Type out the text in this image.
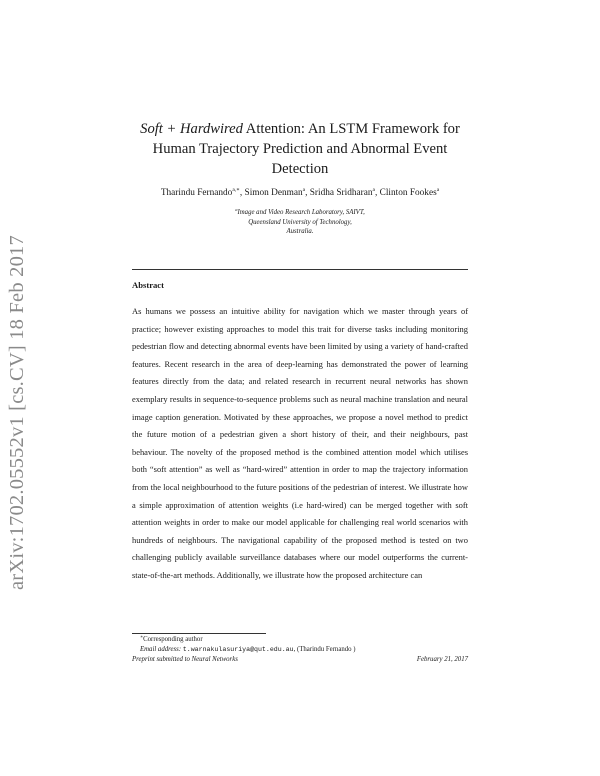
arXiv:1702.05552v1 [cs.CV] 18 Feb 2017
Soft + Hardwired Attention: An LSTM Framework for Human Trajectory Prediction and Abnormal Event Detection
Tharindu Fernando$^{a,∗}$, Simon Denman$^a$, Sridha Sridharan$^a$, Clinton Fookes$^a$
$^a$Image and Video Research Laboratory, SAIVT,
Queensland University of Technology,
Australia.
Abstract

As humans we possess an intuitive ability for navigation which we master through years of practice; however existing approaches to model this trait for diverse tasks including monitoring pedestrian flow and detecting abnormal events have been limited by using a variety of hand-crafted features. Recent research in the area of deep-learning has demonstrated the power of learning features directly from the data; and related research in recurrent neural networks has shown exemplary results in sequence-to-sequence problems such as neural machine translation and neural image caption generation. Motivated by these approaches, we propose a novel method to predict the future motion of a pedestrian given a short history of their, and their neighbours, past behaviour. The novelty of the proposed method is the combined attention model which utilises both “soft attention” as well as “hard-wired” attention in order to map the trajectory information from the local neighbourhood to the future positions of the pedestrian of interest. We illustrate how a simple approximation of attention weights (i.e hard-wired) can be merged together with soft attention weights in order to make our model applicable for challenging real world scenarios with hundreds of neighbours. The navigational capability of the proposed method is tested on two challenging publicly available surveillance databases where our model outperforms the current-state-of-the-art methods. Additionally, we illustrate how the proposed architecture can

∗Corresponding author
Email address: t.warnakulasuriya@qut.edu.au, (Tharindu Fernando )
Preprint submitted to Neural Networks	February 21, 2017
